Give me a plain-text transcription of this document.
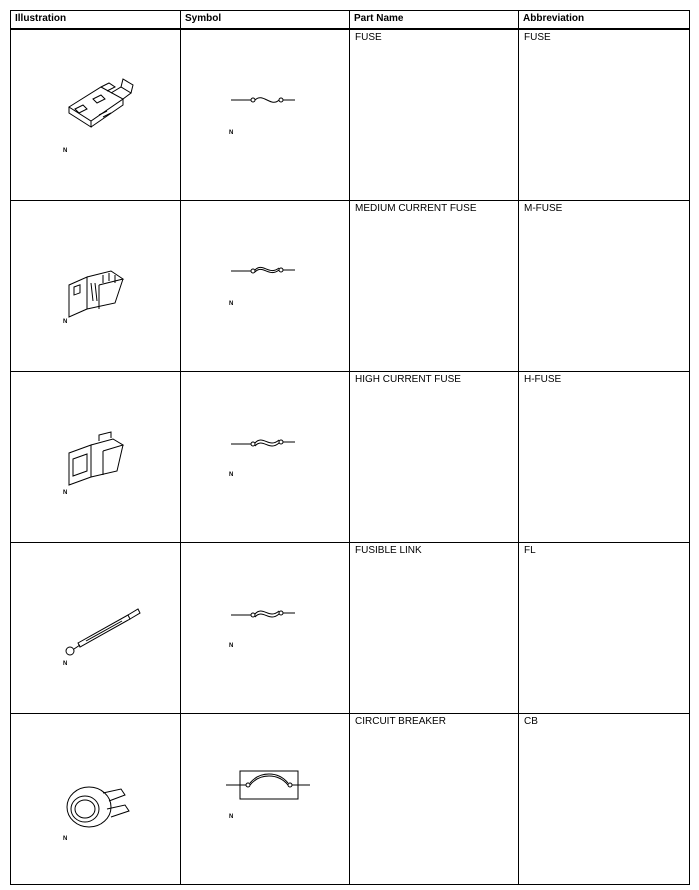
Illustration	Symbol	Part Name	Abbreviation

N	N	FUSE	FUSE

N	N	MEDIUM CURRENT FUSE	M-FUSE

N	N	HIGH CURRENT FUSE	H-FUSE

N	N	FUSIBLE LINK	FL

N	N	CIRCUIT BREAKER	CB
